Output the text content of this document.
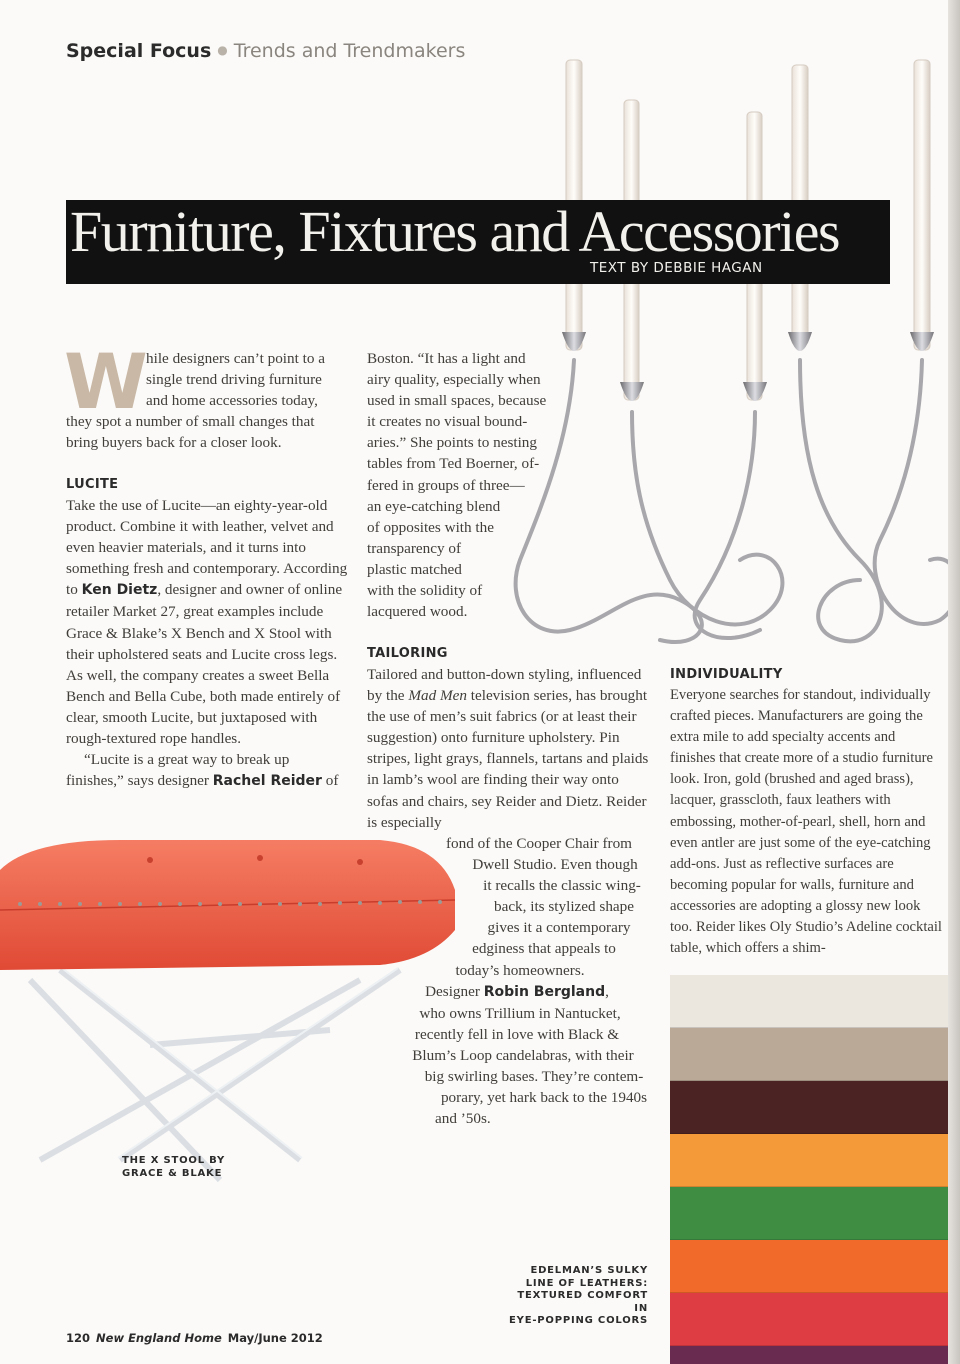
Special Focus ● Trends and Trendmakers
Furniture, Fixtures and Accessories
TEXT BY DEBBIE HAGAN
W
hile designers can’t point to a
single trend driving furniture
and home accessories today,
they spot a number of small changes that
bring buyers back for a closer look.
LUCITE

Take the use of Lucite—an eighty-year-old product. Combine it with leather, velvet and even heavier materials, and it turns into something fresh and contemporary. According to Ken Dietz, designer and owner of online retailer Market 27, great examples include Grace & Blake’s X Bench and X Stool with their upholstered seats and Lucite cross legs. As well, the company creates a sweet Bella Bench and Bella Cube, both made entirely of clear, smooth Lucite, but juxtaposed with rough-textured rope handles.

“Lucite is a great way to break up finishes,” says designer Rachel Reider of

THE X STOOL BY
GRACE & BLAKE
Boston. “It has a light and
airy quality, especially when
used in small spaces, because
it creates no visual bound-
aries.” She points to nesting
tables from Ted Boerner, of-
fered in groups of three—
an eye-catching blend
of opposites with the
transparency of
plastic matched
with the solidity of
lacquered wood.
TAILORING

Tailored and button-down styling, influenced by the Mad Men television series, has brought the use of men’s suit fabrics (or at least their suggestion) onto furniture upholstery. Pin stripes, light grays, flannels, tartans and plaids in lamb’s wool are finding their way onto sofas and chairs, sey Reider and Dietz. Reider is especially

fond of the Cooper Chair from
Dwell Studio. Even though
it recalls the classic wing-
back, its stylized shape
gives it a contemporary
edginess that appeals to
today’s homeowners.
Designer Robin Bergland,
who owns Trillium in Nantucket,
recently fell in love with Black &
Blum’s Loop candelabras, with their
big swirling bases. They’re contem-
porary, yet hark back to the 1940s
and ’50s.
INDIVIDUALITY

Everyone searches for standout, individually crafted pieces. Manufacturers are going the extra mile to add specialty accents and finishes that create more of a studio furniture look. Iron, gold (brushed and aged brass), lacquer, grasscloth, faux leathers with embossing, mother-of-pearl, shell, horn and even antler are just some of the eye-catching add-ons. Just as reflective surfaces are becoming popular for walls, furniture and accessories are adopting a glossy new look too. Reider likes Oly Studio’s Adeline cocktail table, which offers a shim-

EDELMAN’S SULKY
LINE OF LEATHERS:
TEXTURED COMFORT IN
EYE-POPPING COLORS
120 New England Home May/June 2012
